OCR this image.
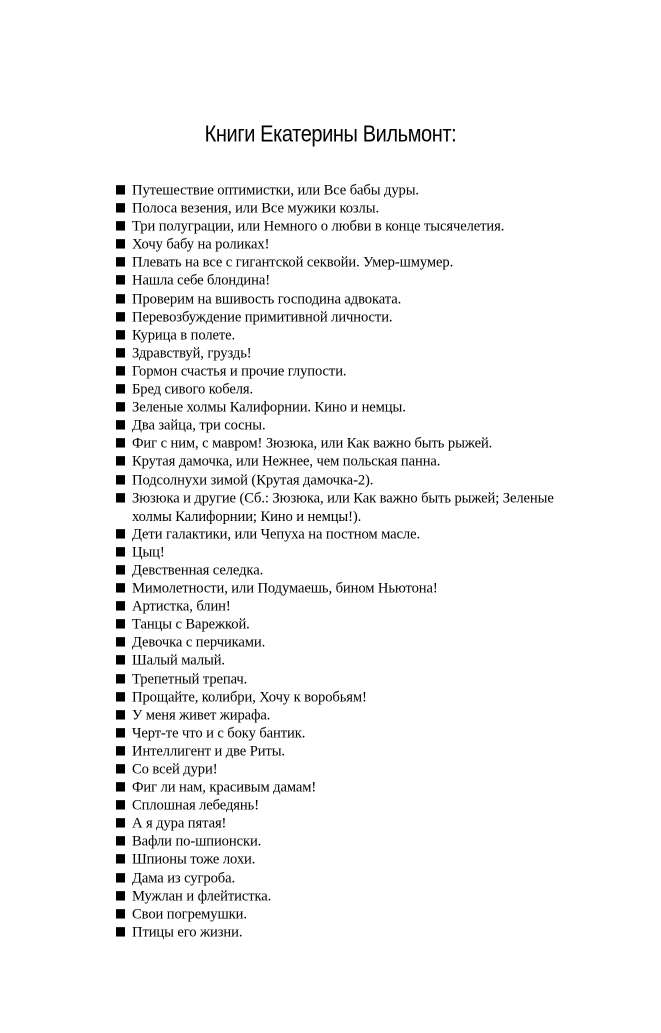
Книги Екатерины Вильмонт:
Путешествие оптимистки, или Все бабы дуры.
Полоса везения, или Все мужики козлы.
Три полуграции, или Немного о любви в конце тысячелетия.
Хочу бабу на роликах!
Плевать на все с гигантской секвойи. Умер-шмумер.
Нашла себе блондина!
Проверим на вшивость господина адвоката.
Перевозбуждение примитивной личности.
Курица в полете.
Здравствуй, груздь!
Гормон счастья и прочие глупости.
Бред сивого кобеля.
Зеленые холмы Калифорнии. Кино и немцы.
Два зайца, три сосны.
Фиг с ним, с мавром! Зюзюка, или Как важно быть рыжей.
Крутая дамочка, или Нежнее, чем польская панна.
Подсолнухи зимой (Крутая дамочка-2).
Зюзюка и другие (Сб.: Зюзюка, или Как важно быть рыжей; Зеленые холмы Калифорнии; Кино и немцы!).
Дети галактики, или Чепуха на постном масле.
Цыц!
Девственная селедка.
Мимолетности, или Подумаешь, бином Ньютона!
Артистка, блин!
Танцы с Варежкой.
Девочка с перчиками.
Шалый малый.
Трепетный трепач.
Прощайте, колибри, Хочу к воробьям!
У меня живет жирафа.
Черт-те что и с боку бантик.
Интеллигент и две Риты.
Со всей дури!
Фиг ли нам, красивым дамам!
Сплошная лебедянь!
А я дура пятая!
Вафли по-шпионски.
Шпионы тоже лохи.
Дама из сугроба.
Мужлан и флейтистка.
Свои погремушки.
Птицы его жизни.
